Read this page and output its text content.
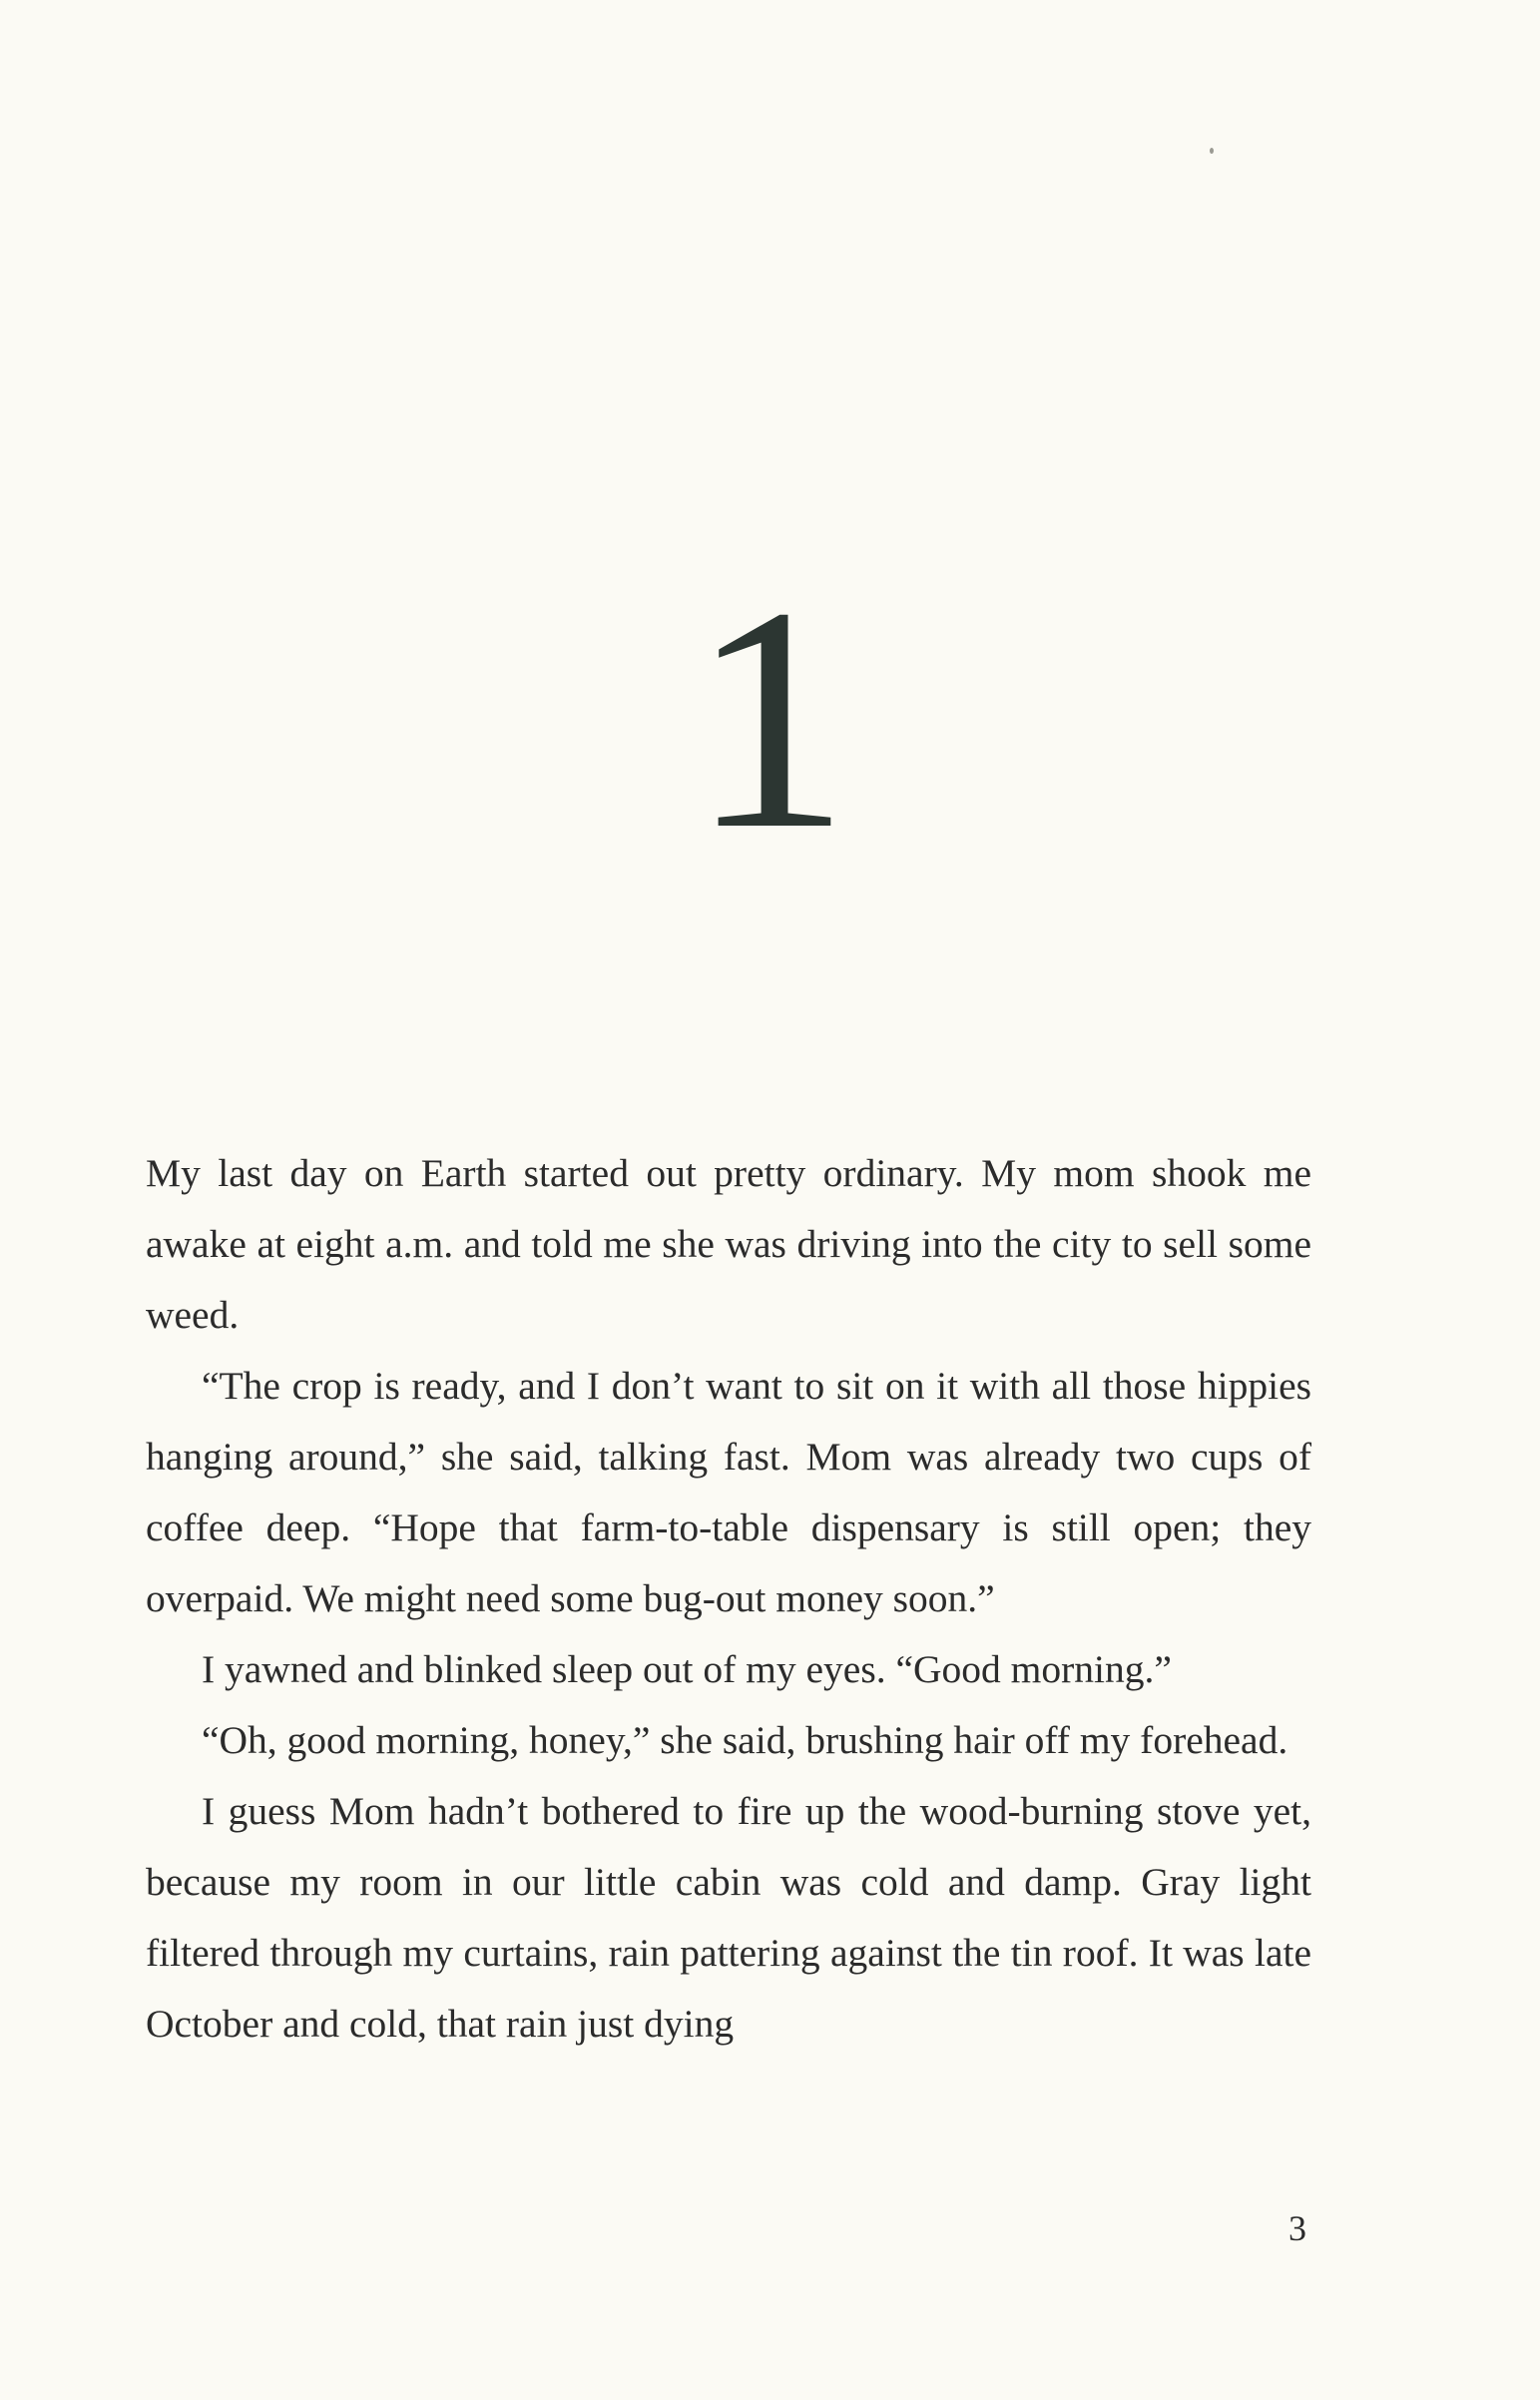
1

My last day on Earth started out pretty ordinary. My mom shook me awake at eight a.m. and told me she was driving into the city to sell some weed.

“The crop is ready, and I don’t want to sit on it with all those hippies hanging around,” she said, talking fast. Mom was already two cups of coffee deep. “Hope that farm-to-table dispensary is still open; they overpaid. We might need some bug-out money soon.”

I yawned and blinked sleep out of my eyes. “Good morning.”

“Oh, good morning, honey,” she said, brushing hair off my forehead.

I guess Mom hadn’t bothered to fire up the wood-burning stove yet, because my room in our little cabin was cold and damp. Gray light filtered through my curtains, rain pattering against the tin roof. It was late October and cold, that rain just dying

3
